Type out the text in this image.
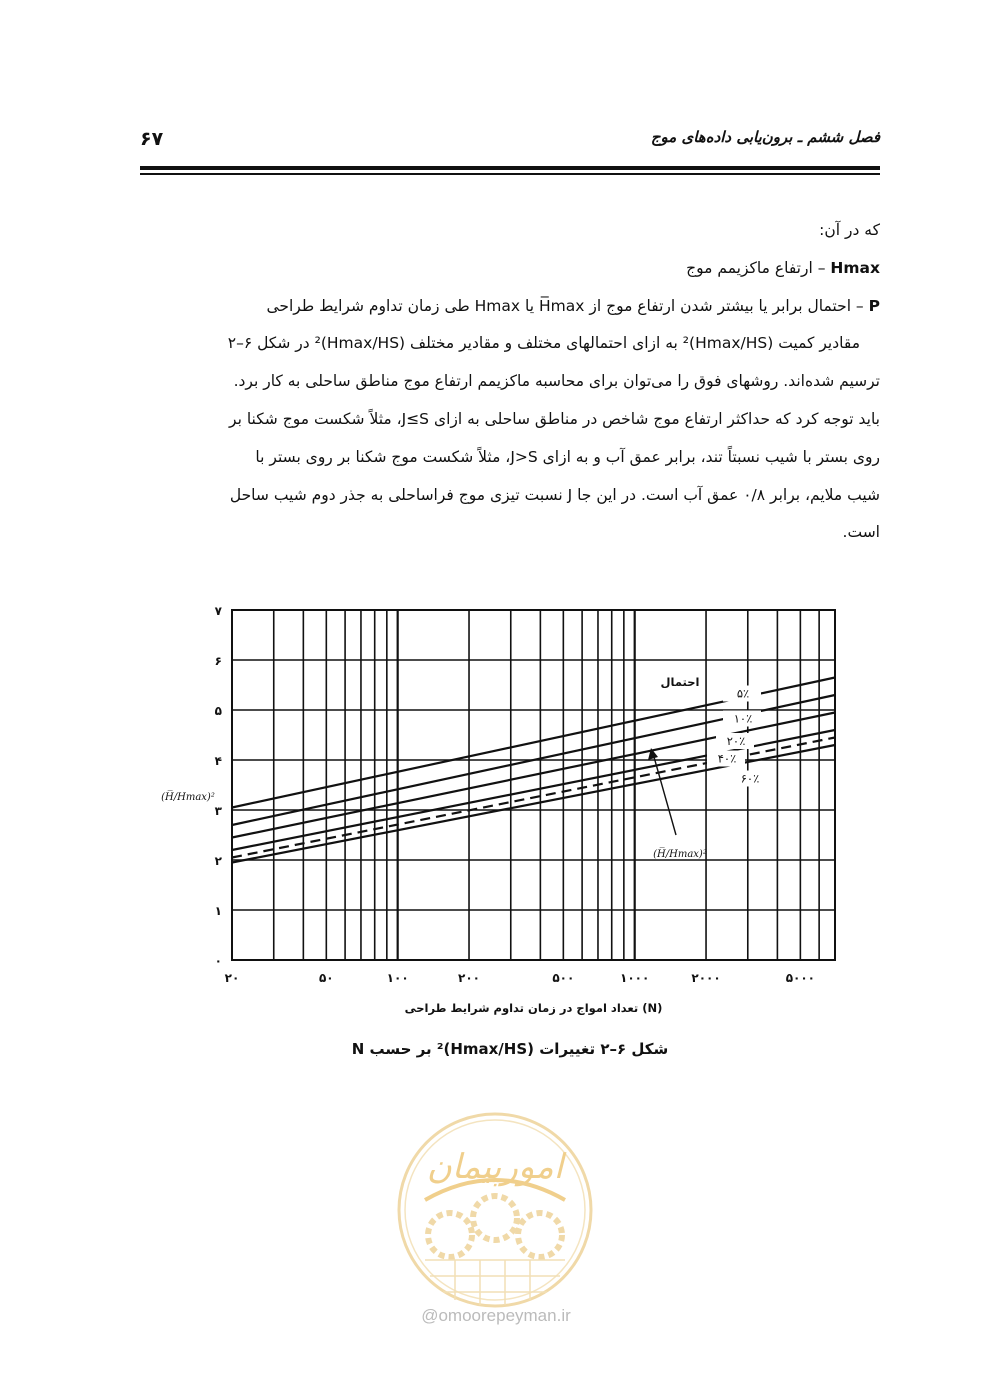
۶۷	فصل ششم ـ برون‌یابی داده‌های موج

که در آن:

Hmax – ارتفاع ماکزیمم موج

P – احتمال برابر یا بیشتر شدن ارتفاع موج از H̅max یا Hmax طی زمان تداوم شرایط طراحی

مقادیر کمیت (Hmax/HS)² به ازای احتمالهای مختلف و مقادیر مختلف (Hmax/HS)² در شکل ۶–۲

ترسیم شده‌اند. روشهای فوق را می‌توان برای محاسبه ماکزیمم ارتفاع موج مناطق ساحلی به کار برد.

باید توجه کرد که حداکثر ارتفاع موج شاخص در مناطق ساحلی به ازای J≤S، مثلاً شکست موج شکنا بر

روی بستر با شیب نسبتاً تند، برابر عمق آب و به ازای J>S، مثلاً شکست موج شکنا بر روی بستر با

شیب ملایم، برابر ۰/۸ عمق آب است. در این جا J نسبت تیزی موج فراساحلی به جذر دوم شیب ساحل

است.

۲۰	۵۰	۱۰۰	۲۰۰	۵۰۰	۱۰۰۰	۲۰۰۰	۵۰۰۰
۰
۱
۲
۳
۴
۵
۶
۷
(H̅/Hmax)²
(N) تعداد امواج در زمان تداوم شرایط طراحی
۵٪
۱۰٪
۲۰٪
۴۰٪
۶۰٪
احتمال
(H̅/Hmax)²
شکل ۶–۲ تغییرات (Hmax/HS)² بر حسب N
امورپیمان
@omoorepeyman.ir
